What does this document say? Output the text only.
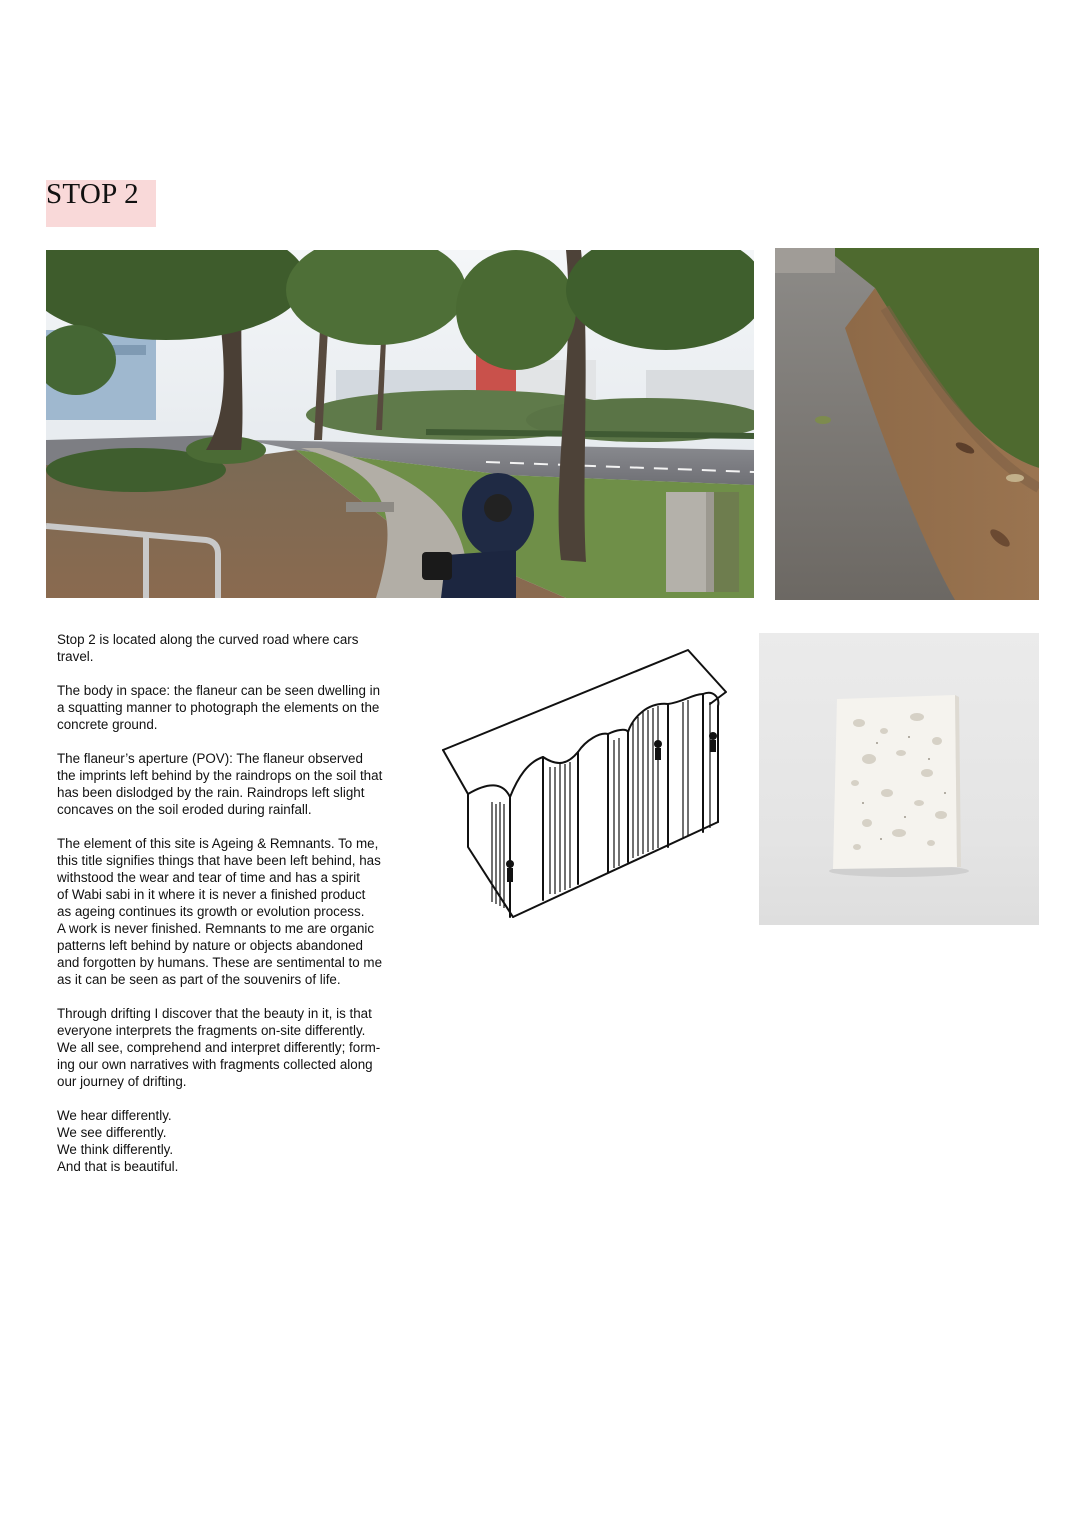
STOP 2

Stop 2 is located along the curved road where cars
travel.

The body in space: the flaneur can be seen dwelling in
a squatting manner to photograph the elements on the
concrete ground.

The flaneur’s aperture (POV): The flaneur observed
the imprints left behind by the raindrops on the soil that
has been dislodged by the rain. Raindrops left slight
concaves on the soil eroded during rainfall.

The element of this site is Ageing & Remnants. To me,
this title signifies things that have been left behind, has
withstood the wear and tear of time and has a spirit
of Wabi sabi in it where it is never a finished product
as ageing continues its growth or evolution process.
A work is never finished. Remnants to me are organic
patterns left behind by nature or objects abandoned
and forgotten by humans. These are sentimental to me
as it can be seen as part of the souvenirs of life.

Through drifting I discover that the beauty in it, is that
everyone interprets the fragments on-site differently.
We all see, comprehend and interpret differently; form-
ing our own narratives with fragments collected along
our journey of drifting.

We hear differently.

We see differently.

We think differently.

And that is beautiful.
